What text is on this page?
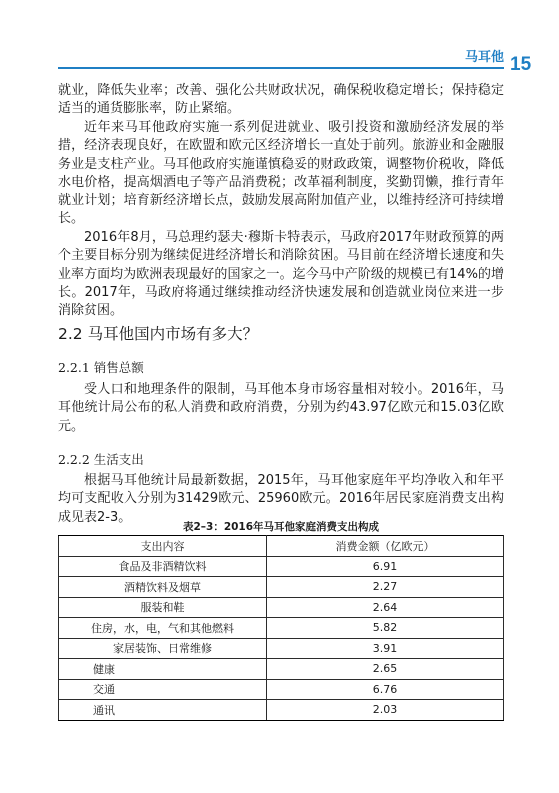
马耳他 15

就业，降低失业率；改善、强化公共财政状况，确保税收稳定增长；保持稳定适当的通货膨胀率，防止紧缩。

近年来马耳他政府实施一系列促进就业、吸引投资和激励经济发展的举措，经济表现良好，在欧盟和欧元区经济增长一直处于前列。旅游业和金融服务业是支柱产业。马耳他政府实施谨慎稳妥的财政政策，调整物价税收，降低水电价格，提高烟酒电子等产品消费税；改革福利制度，奖勤罚懒，推行青年就业计划；培育新经济增长点，鼓励发展高附加值产业，以维持经济可持续增长。

2016年8月，马总理约瑟夫·穆斯卡特表示，马政府2017年财政预算的两个主要目标分别为继续促进经济增长和消除贫困。马目前在经济增长速度和失业率方面均为欧洲表现最好的国家之一。迄今马中产阶级的规模已有14%的增长。2017年，马政府将通过继续推动经济快速发展和创造就业岗位来进一步消除贫困。

2.2 马耳他国内市场有多大？
2.2.1 销售总额

受人口和地理条件的限制，马耳他本身市场容量相对较小。2016年，马耳他统计局公布的私人消费和政府消费，分别为约43.97亿欧元和15.03亿欧元。

2.2.2 生活支出

根据马耳他统计局最新数据，2015年，马耳他家庭年平均净收入和年平均可支配收入分别为31429欧元、25960欧元。2016年居民家庭消费支出构成见表2-3。

表2–3：2016年马耳他家庭消费支出构成
支出内容	消费金额（亿欧元）
食品及非酒精饮料	6.91
酒精饮料及烟草	2.27
服装和鞋	2.64
住房，水，电，气和其他燃料	5.82
家居装饰、日常维修	3.91
健康	2.65
交通	6.76
通讯	2.03
